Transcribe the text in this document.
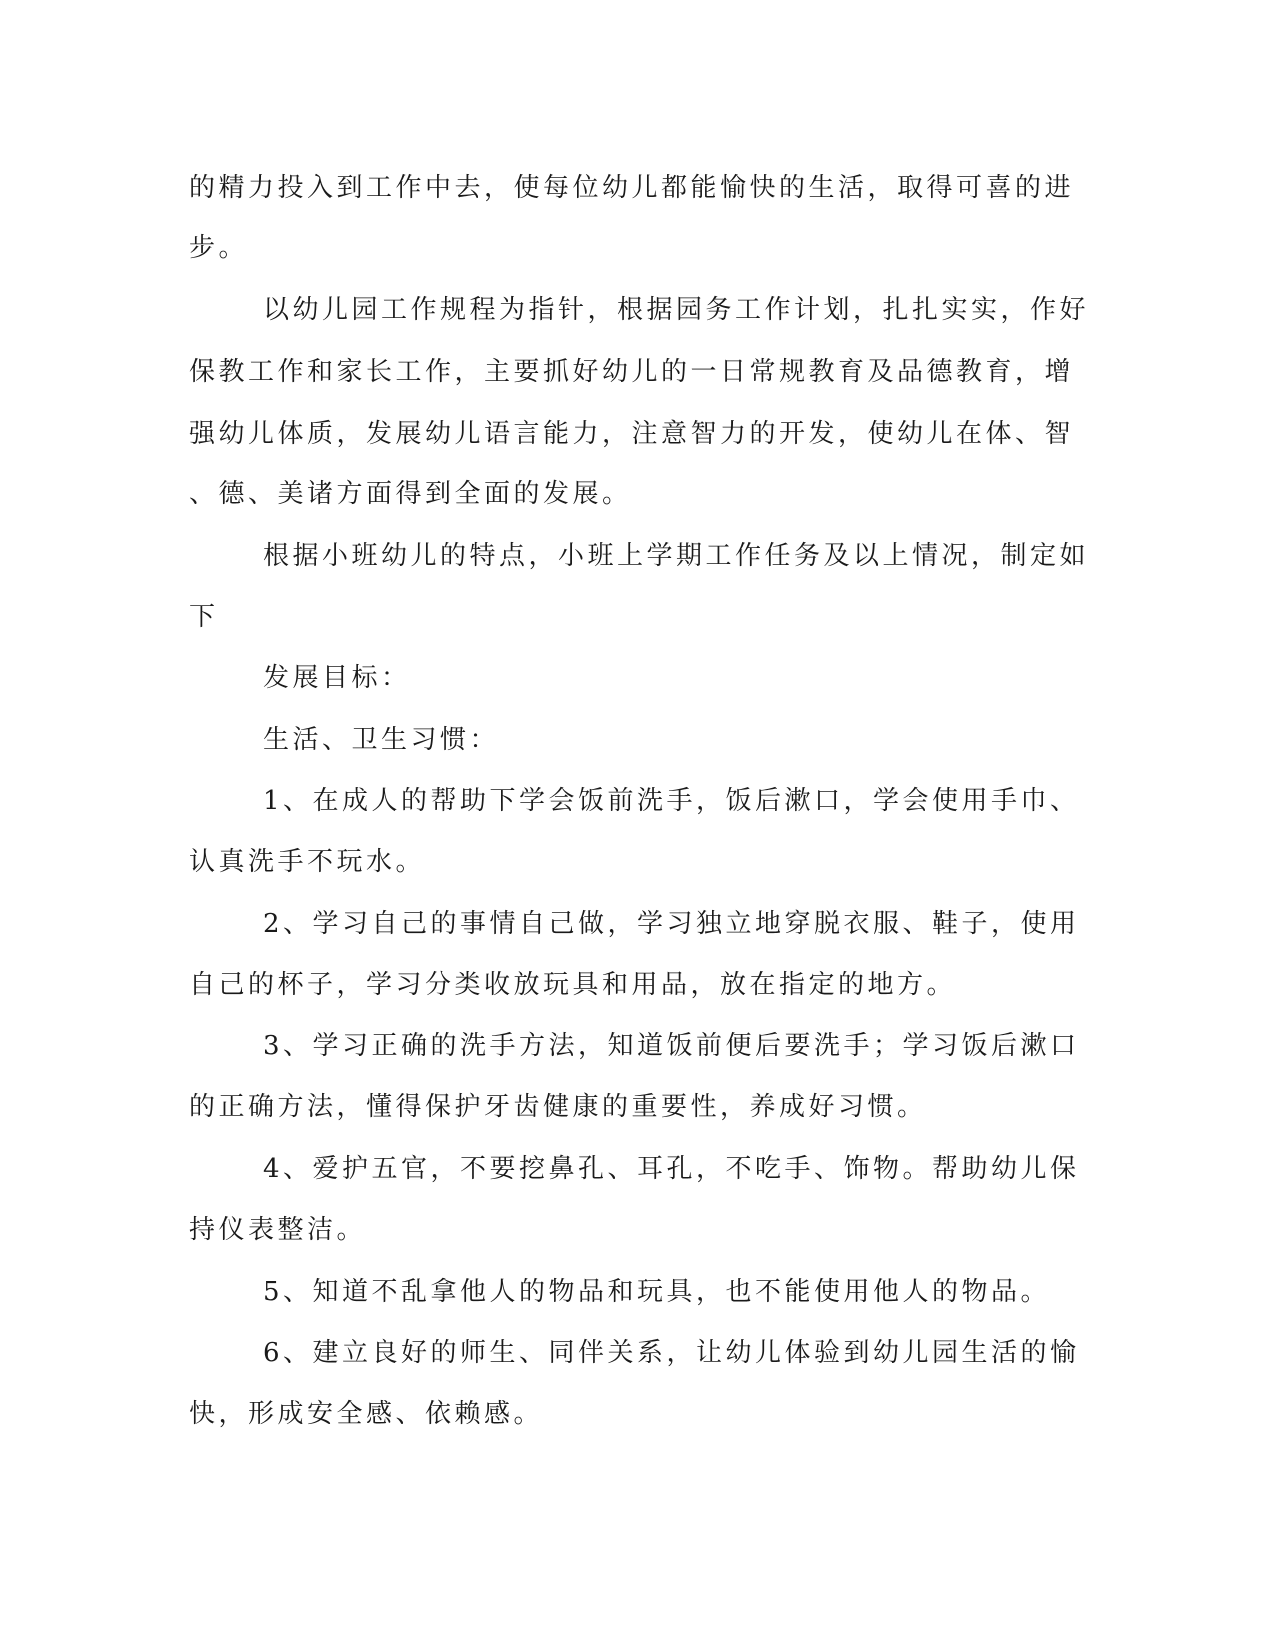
的精力投入到工作中去，使每位幼儿都能愉快的生活，取得可喜的进

步。

以幼儿园工作规程为指针，根据园务工作计划，扎扎实实，作好

保教工作和家长工作，主要抓好幼儿的一日常规教育及品德教育，增

强幼儿体质，发展幼儿语言能力，注意智力的开发，使幼儿在体、智

、德、美诸方面得到全面的发展。

根据小班幼儿的特点，小班上学期工作任务及以上情况，制定如

下

发展目标：

生活、卫生习惯：

1、在成人的帮助下学会饭前洗手，饭后漱口，学会使用手巾、

认真洗手不玩水。

2、学习自己的事情自己做，学习独立地穿脱衣服、鞋子，使用

自己的杯子，学习分类收放玩具和用品，放在指定的地方。

3、学习正确的洗手方法，知道饭前便后要洗手；学习饭后漱口

的正确方法，懂得保护牙齿健康的重要性，养成好习惯。

4、爱护五官，不要挖鼻孔、耳孔，不吃手、饰物。帮助幼儿保

持仪表整洁。

5、知道不乱拿他人的物品和玩具，也不能使用他人的物品。

6、建立良好的师生、同伴关系，让幼儿体验到幼儿园生活的愉

快，形成安全感、依赖感。
